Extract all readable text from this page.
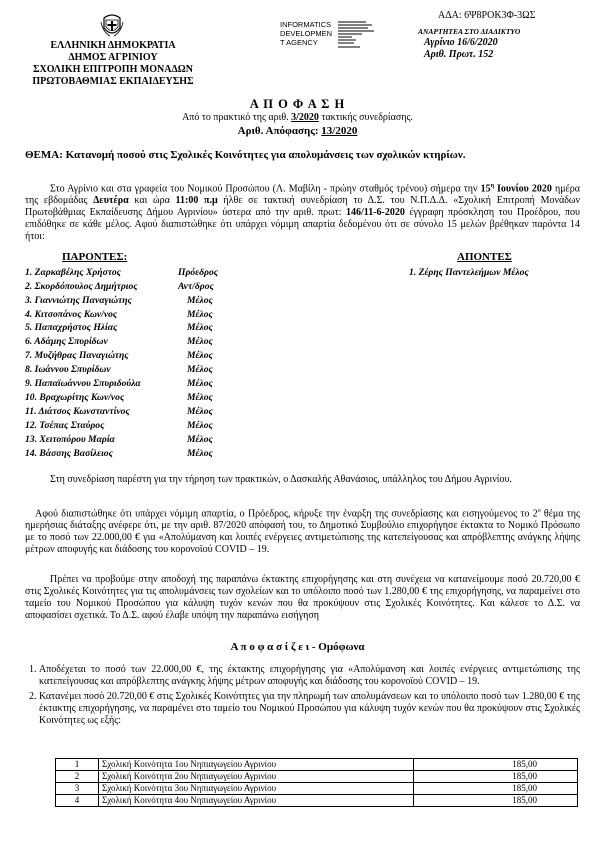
ΑΔΑ: 6Ψ8ΡΟΚ3Φ-3ΩΣ
ΕΛΛΗΝΙΚΗ ΔΗΜΟΚΡΑΤΙΑ
ΔΗΜΟΣ ΑΓΡΙΝΙΟΥ
ΣΧΟΛΙΚΗ ΕΠΙΤΡΟΠΗ ΜΟΝΑΔΩΝ
ΠΡΩΤΟΒΑΘΜΙΑΣ ΕΚΠΑΙΔΕΥΣΗΣ
INFORMATICS
DEVELOPMEN
T AGENCY
ΑΝΑΡΤΗΤΕΑ ΣΤΟ ΔΙΑΔΙΚΤΥΟ
Αγρίνιο 16/6/2020
Αριθ. Πρωτ. 152
Α Π Ο Φ Α Σ Η
Από το πρακτικό της αριθ. 3/2020 τακτικής συνεδρίασης.
Αριθ. Απόφασης: 13/2020
ΘΕΜΑ: Κατανομή ποσού στις Σχολικές Κοινότητες για απολυμάνσεις των σχολικών κτηρίων.
Στο Αγρίνιο και στα γραφεία του Νομικού Προσώπου (Λ. Μαβίλη - πρώην σταθμός τρένου) σήμερα την $15^\eta$ Ιουνίου 2020 ημέρα της εβδομάδας Δευτέρα και ώρα 11:00 π.μ ήλθε σε τακτική συνεδρίαση το Δ.Σ. του Ν.Π.Δ.Δ. «Σχολική Επιτροπή Μονάδων Πρωτοβάθμιας Εκπαίδευσης Δήμου Αγρινίου» ύστερα από την αριθ. πρωτ: 146/11-6-2020 έγγραφη πρόσκληση του Προέδρου, που επιδόθηκε σε κάθε μέλος. Αφού διαπιστώθηκε ότι υπάρχει νόμιμη απαρτία δεδομένου ότι σε σύνολο 15 μελών βρέθηκαν παρόντα 14 ήτοι:
ΠΑΡΟΝΤΕΣ:
1. Ζαρκαβέλης Χρήστος	Πρόεδρος
2. Σκορδόπουλος Δημήτριος	Αντ/δρος
3. Γιαννιώτης Παναγιώτης	Μέλος
4. Κιτσοπάνος Κων/νος	Μέλος
5. Παπαχρήστος Ηλίας	Μέλος
6. Αδάμης Σπυρίδων	Μέλος
7. Μυζήθρας Παναγιώτης	Μέλος
8. Ιωάννου Σπυρίδων	Μέλος
9. Παπαϊωάννου Σπυριδούλα	Μέλος
10. Βραχωρίτης Κων/νος	Μέλος
11. Διάτσος Κωνσταντίνος	Μέλος
12. Τσέπας Σταύρος	Μέλος
13. Χειτοπόρου Μαρία	Μέλος
14. Βάσσης Βασίλειος	Μέλος
ΑΠΟΝΤΕΣ
1. Ζέρης Παντελεήμων Μέλος
Στη συνεδρίαση παρέστη για την τήρηση των πρακτικών, ο Δασκαλής Αθανάσιος, υπάλληλος του Δήμου Αγρινίου.
Αφού διαπιστώθηκε ότι υπάρχει νόμιμη απαρτία, ο Πρόεδρος, κήρυξε την έναρξη της συνεδρίασης και εισηγούμενος το $2^o$ θέμα της ημερήσιας διάταξης ανέφερε ότι, με την αριθ. 87/2020 απόφασή του, το Δημοτικό Συμβούλιο επιχορήγησε έκτακτα το Νομικό Πρόσωπο με το ποσό των 22.000,00 € για «Απολύμανση και λοιπές ενέργειες αντιμετώπισης της κατεπείγουσας και απρόβλεπτης ανάγκης λήψης μέτρων αποφυγής και διάδοσης του κορονοϊού COVID – 19.
Πρέπει να προβούμε στην αποδοχή της παραπάνω έκτακτης επιχορήγησης και στη συνέχεια να κατανείμουμε ποσό 20.720,00 € στις Σχολικές Κοινότητες για τις απολυμάνσεις των σχολείων και το υπόλοιπο ποσό των 1.280,00 € της επιχορήγησης, να παραμείνει στο ταμείο του Νομικού Προσώπου για κάλυψη τυχόν κενών που θα προκύψουν στις Σχολικές Κοινότητες. Και κάλεσε το Δ.Σ. να αποφασίσει σχετικά. Το Δ.Σ. αφού έλαβε υπόψη την παραπάνω εισήγηση
Α π ο φ α σ ί ζ ε ι - Ομόφωνα
1. Αποδέχεται το ποσό των 22.000,00 €, της έκτακτης επιχορήγησης για «Απολύμανση και λοιπές ενέργειες αντιμετώπισης της κατεπείγουσας και απρόβλεπτης ανάγκης λήψης μέτρων αποφυγής και διάδοσης του κορονοϊού COVID – 19.
2. Κατανέμει ποσό 20.720,00 € στις Σχολικές Κοινότητες για την πληρωμή των απολυμάνσεων και το υπόλοιπο ποσό των 1.280,00 € της έκτακτης επιχορήγησης, να παραμένει στο ταμείο του Νομικού Προσώπου για κάλυψη τυχόν κενών που θα προκύψουν στις Σχολικές Κοινότητες ως εξής:
1	Σχολική Κοινότητα 1ου Νηπιαγωγείου Αγρινίου	185,00
2	Σχολική Κοινότητα 2ου Νηπιαγωγείου Αγρινίου	185,00
3	Σχολική Κοινότητα 3ου Νηπιαγωγείου Αγρινίου	185,00
4	Σχολική Κοινότητα 4ου Νηπιαγωγείου Αγρινίου	185,00
